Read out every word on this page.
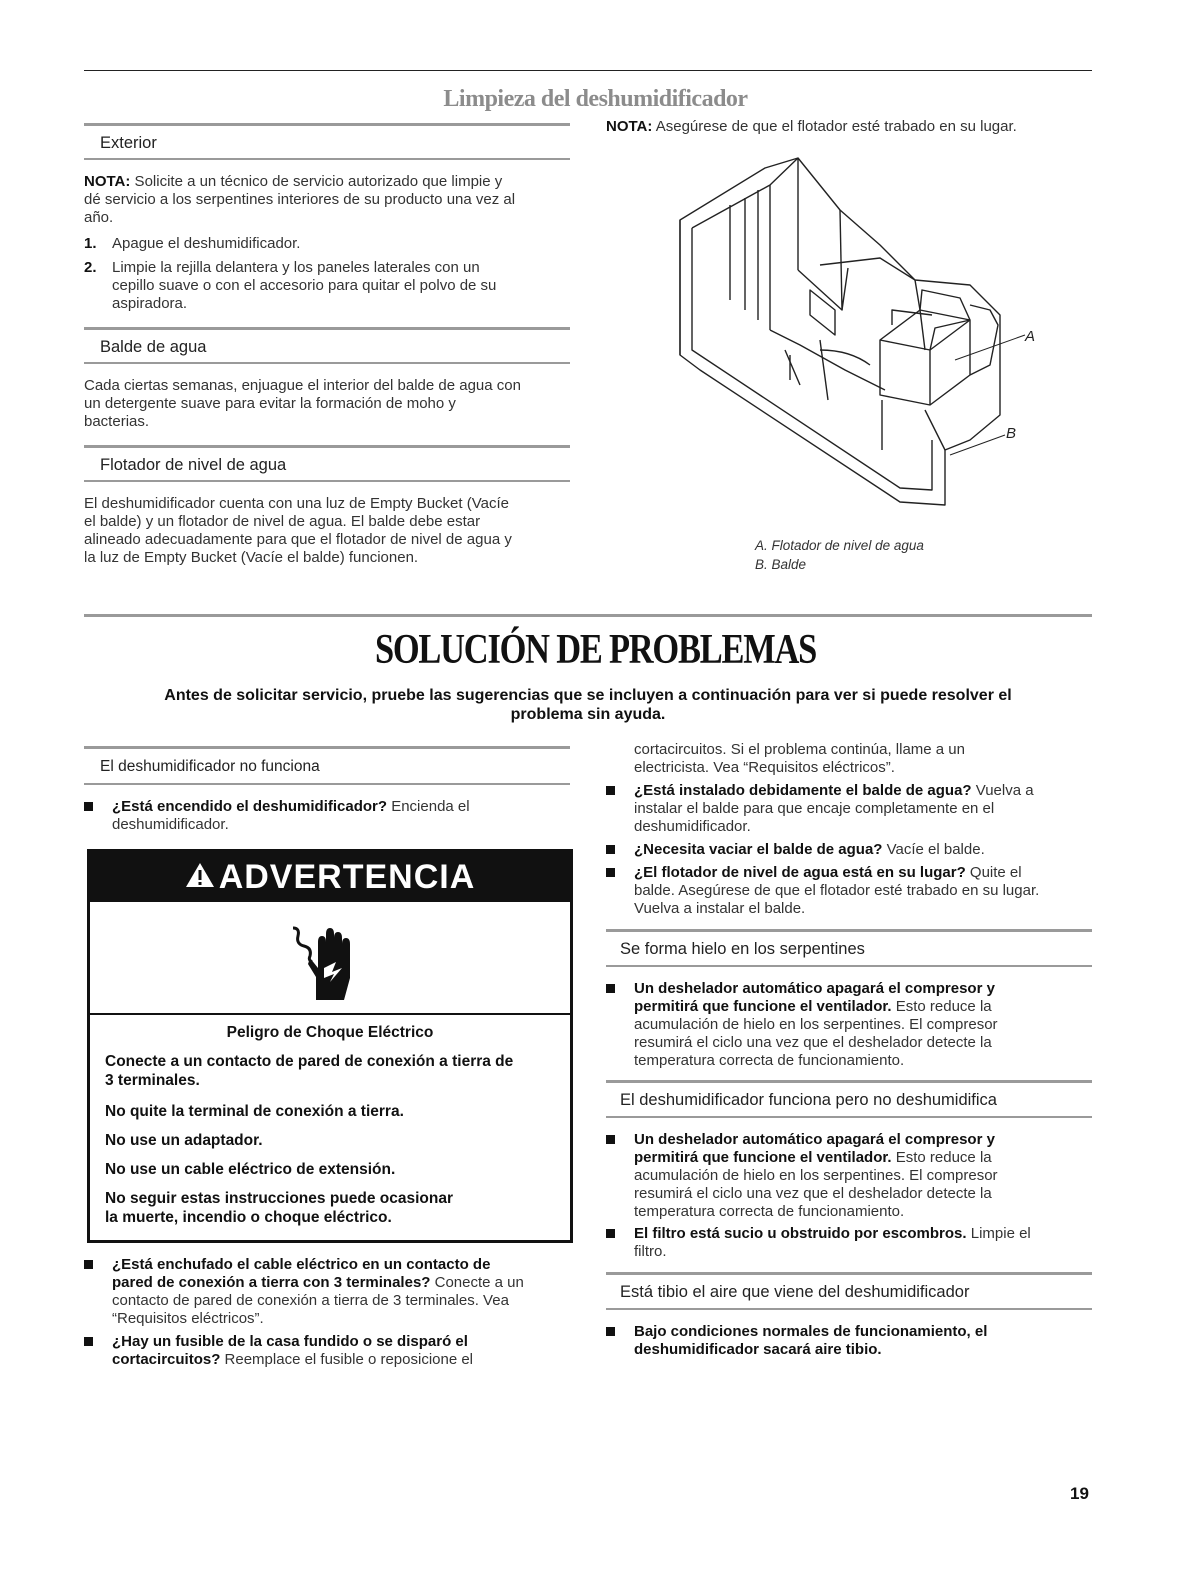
Limpieza del deshumidificador
Exterior
NOTA: Solicite a un técnico de servicio autorizado que limpie y
dé servicio a los serpentines interiores de su producto una vez al
año.
1. Apague el deshumidificador.
2. Limpie la rejilla delantera y los paneles laterales con un
cepillo suave o con el accesorio para quitar el polvo de su
aspiradora.
Balde de agua
Cada ciertas semanas, enjuague el interior del balde de agua con
un detergente suave para evitar la formación de moho y
bacterias.
Flotador de nivel de agua
El deshumidificador cuenta con una luz de Empty Bucket (Vacíe
el balde) y un flotador de nivel de agua. El balde debe estar
alineado adecuadamente para que el flotador de nivel de agua y
la luz de Empty Bucket (Vacíe el balde) funcionen.
NOTA: Asegúrese de que el flotador esté trabado en su lugar.
A
B
A. Flotador de nivel de agua
B. Balde
SOLUCIÓN DE PROBLEMAS
Antes de solicitar servicio, pruebe las sugerencias que se incluyen a continuación para ver si puede resolver el
problema sin ayuda.
El deshumidificador no funciona
¿Está encendido el deshumidificador? Encienda el
deshumidificador.
ADVERTENCIA
Peligro de Choque Eléctrico
Conecte a un contacto de pared de conexión a tierra de
3 terminales.
No quite la terminal de conexión a tierra.
No use un adaptador.
No use un cable eléctrico de extensión.
No seguir estas instrucciones puede ocasionar
la muerte, incendio o choque eléctrico.
¿Está enchufado el cable eléctrico en un contacto de
pared de conexión a tierra con 3 terminales? Conecte a un
contacto de pared de conexión a tierra de 3 terminales. Vea
“Requisitos eléctricos”.
¿Hay un fusible de la casa fundido o se disparó el
cortacircuitos? Reemplace el fusible o reposicione el
cortacircuitos. Si el problema continúa, llame a un
electricista. Vea “Requisitos eléctricos”.
¿Está instalado debidamente el balde de agua? Vuelva a
instalar el balde para que encaje completamente en el
deshumidificador.
¿Necesita vaciar el balde de agua? Vacíe el balde.
¿El flotador de nivel de agua está en su lugar? Quite el
balde. Asegúrese de que el flotador esté trabado en su lugar.
Vuelva a instalar el balde.
Se forma hielo en los serpentines
Un deshelador automático apagará el compresor y
permitirá que funcione el ventilador. Esto reduce la
acumulación de hielo en los serpentines. El compresor
resumirá el ciclo una vez que el deshelador detecte la
temperatura correcta de funcionamiento.
El deshumidificador funciona pero no deshumidifica
Un deshelador automático apagará el compresor y
permitirá que funcione el ventilador. Esto reduce la
acumulación de hielo en los serpentines. El compresor
resumirá el ciclo una vez que el deshelador detecte la
temperatura correcta de funcionamiento.
El filtro está sucio u obstruido por escombros. Limpie el
filtro.
Está tibio el aire que viene del deshumidificador
Bajo condiciones normales de funcionamiento, el
deshumidificador sacará aire tibio.
19
